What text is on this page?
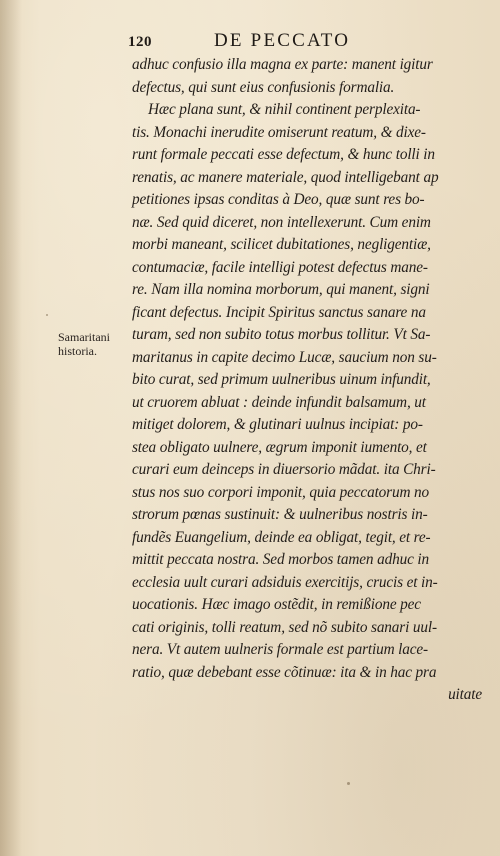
120	DE PECCATO
Samaritani
historia.
adhuc confusio illa magna ex parte: manent igitur
defectus, qui sunt eius confusionis formalia.
Hæc plana sunt, & nihil continent perplexita-
tis. Monachi inerudite omiserunt reatum, & dixe-
runt formale peccati esse defectum, & hunc tolli in
renatis, ac manere materiale, quod intelligebant ap
petitiones ipsas conditas à Deo, quæ sunt res bo-
næ. Sed quid diceret, non intellexerunt. Cum enim
morbi maneant, scilicet dubitationes, negligentiæ,
contumaciæ, facile intelligi potest defectus mane-
re. Nam illa nomina morborum, qui manent, signi
ficant defectus. Incipit Spiritus sanctus sanare na
turam, sed non subito totus morbus tollitur. Vt Sa-
maritanus in capite decimo Lucæ, saucium non su-
bito curat, sed primum uulneribus uinum infundit,
ut cruorem abluat : deinde infundit balsamum, ut
mitiget dolorem, & glutinari uulnus incipiat: po-
stea obligato uulnere, ægrum imponit iumento, et
curari eum deinceps in diuersorio mãdat. ita Chri-
stus nos suo corpori imponit, quia peccatorum no
strorum pœnas sustinuit: & uulneribus nostris in-
fundẽs Euangelium, deinde ea obligat, tegit, et re-
mittit peccata nostra. Sed morbos tamen adhuc in
ecclesia uult curari adsiduis exercitijs, crucis et in-
uocationis. Hæc imago ostẽdit, in remißione pec
cati originis, tolli reatum, sed nõ subito sanari uul-
nera. Vt autem uulneris formale est partium lace-
ratio, quæ debebant esse cõtinuæ: ita & in hac pra
uitate
